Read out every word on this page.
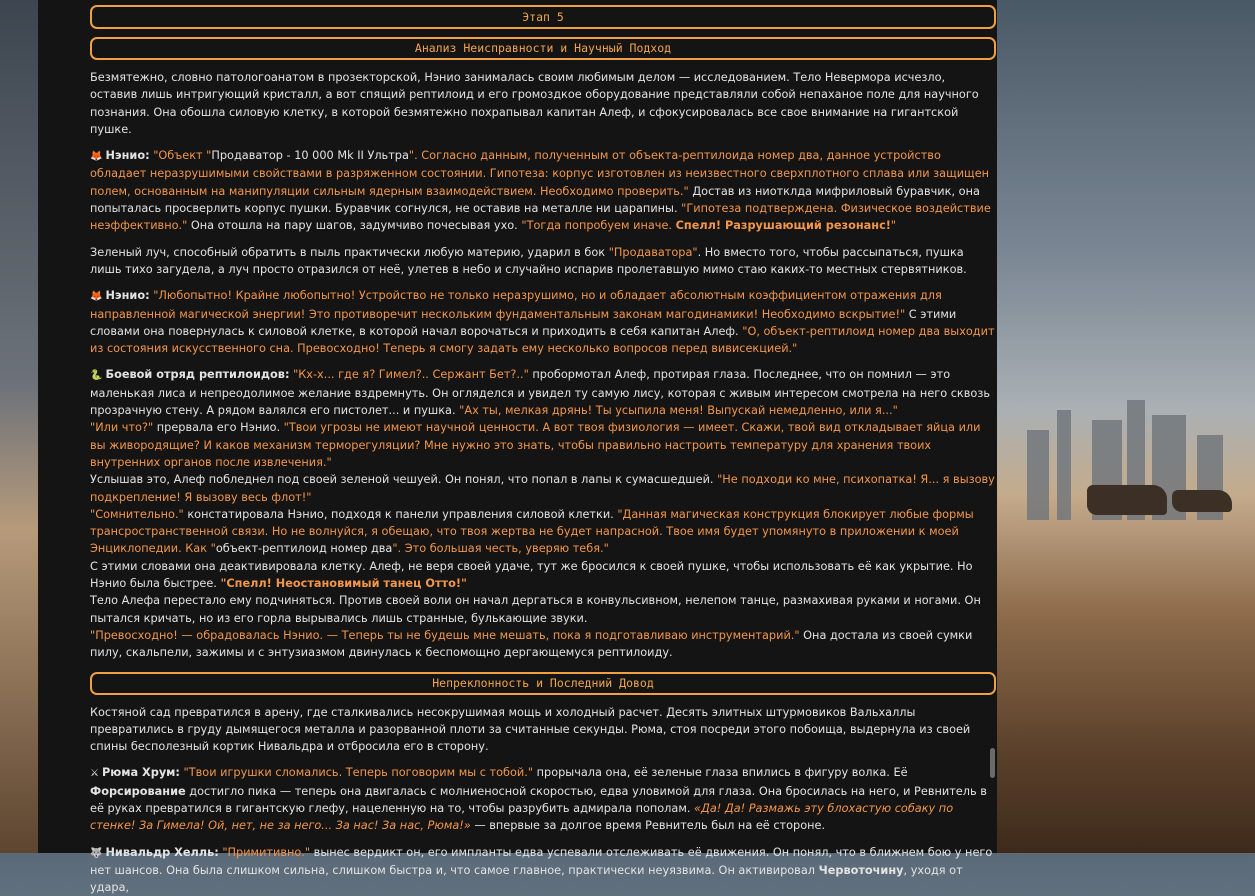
Этап 5
Анализ Неисправности и Научный Подход

Безмятежно, словно патологоанатом в прозекторской, Нэнио занималась своим любимым делом — исследованием. Тело Невермора исчезло, оставив лишь интригующий кристалл, а вот спящий рептилоид и его громоздкое оборудование представляли собой непаханое поле для научного познания. Она обошла силовую клетку, в которой безмятежно похрапывал капитан Алеф, и сфокусировалась все свое внимание на гигантской пушке.

🦊 Нэнио: "Объект "Продаватор - 10 000 Mk II Ультра". Согласно данным, полученным от объекта-рептилоида номер два, данное устройство обладает неразрушимыми свойствами в разряженном состоянии. Гипотеза: корпус изготовлен из неизвестного сверхплотного сплава или защищен полем, основанным на манипуляции сильным ядерным взаимодействием. Необходимо проверить." Достав из ниотклда мифриловый буравчик, она попыталась просверлить корпус пушки. Буравчик согнулся, не оставив на металле ни царапины. "Гипотеза подтверждена. Физическое воздействие неэффективно." Она отошла на пару шагов, задумчиво почесывая ухо. "Тогда попробуем иначе. Спелл! Разрушающий резонанс!"

Зеленый луч, способный обратить в пыль практически любую материю, ударил в бок "Продаватора". Но вместо того, чтобы рассыпаться, пушка лишь тихо загудела, а луч просто отразился от неё, улетев в небо и случайно испарив пролетавшую мимо стаю каких-то местных стервятников.

🦊 Нэнио: "Любопытно! Крайне любопытно! Устройство не только неразрушимо, но и обладает абсолютным коэффициентом отражения для направленной магической энергии! Это противоречит нескольким фундаментальным законам магодинамики! Необходимо вскрытие!" С этими словами она повернулась к силовой клетке, в которой начал ворочаться и приходить в себя капитан Алеф. "О, объект-рептилоид номер два выходит из состояния искусственного сна. Превосходно! Теперь я смогу задать ему несколько вопросов перед вивисекцией."

🐍 Боевой отряд рептилоидов: "Кх-х... где я? Гимел?.. Сержант Бет?.." пробормотал Алеф, протирая глаза. Последнее, что он помнил — это маленькая лиса и непреодолимое желание вздремнуть. Он огляделся и увидел ту самую лису, которая с живым интересом смотрела на него сквозь прозрачную стену. А рядом валялся его пистолет... и пушка. "Ах ты, мелкая дрянь! Ты усыпила меня! Выпускай немедленно, или я..."

"Или что?" прервала его Нэнио. "Твои угрозы не имеют научной ценности. А вот твоя физиология — имеет. Скажи, твой вид откладывает яйца или вы живородящие? И каков механизм терморегуляции? Мне нужно это знать, чтобы правильно настроить температуру для хранения твоих внутренних органов после извлечения."

Услышав это, Алеф побледнел под своей зеленой чешуей. Он понял, что попал в лапы к сумасшедшей. "Не подходи ко мне, психопатка! Я... я вызову подкрепление! Я вызову весь флот!"

"Сомнительно." констатировала Нэнио, подходя к панели управления силовой клетки. "Данная магическая конструкция блокирует любые формы трансространственной связи. Но не волнуйся, я обещаю, что твоя жертва не будет напрасной. Твое имя будет упомянуто в приложении к моей Энциклопедии. Как "объект-рептилоид номер два". Это большая честь, уверяю тебя."

С этими словами она деактивировала клетку. Алеф, не веря своей удаче, тут же бросился к своей пушке, чтобы использовать её как укрытие. Но Нэнио была быстрее. "Спелл! Неостановимый танец Отто!"

Тело Алефа перестало ему подчиняться. Против своей воли он начал дергаться в конвульсивном, нелепом танце, размахивая руками и ногами. Он пытался кричать, но из его горла вырывались лишь странные, булькающие звуки.

"Превосходно! — обрадовалась Нэнио. — Теперь ты не будешь мне мешать, пока я подготавливаю инструментарий." Она достала из своей сумки пилу, скальпели, зажимы и с энтузиазмом двинулась к беспомощно дергающемуся рептилоиду.

Непреклонность и Последний Довод

Костяной сад превратился в арену, где сталкивались несокрушимая мощь и холодный расчет. Десять элитных штурмовиков Вальхаллы превратились в груду дымящегося металла и разорванной плоти за считанные секунды. Рюма, стоя посреди этого побоища, выдернула из своей спины бесполезный кортик Нивальдра и отбросила его в сторону.

⚔ Рюма Хрум: "Твои игрушки сломались. Теперь поговорим мы с тобой." прорычала она, её зеленые глаза впились в фигуру волка. Её Форсирование достигло пика — теперь она двигалась с молниеносной скоростью, едва уловимой для глаза. Она бросилась на него, и Ревнитель в её руках превратился в гигантскую глефу, нацеленную на то, чтобы разрубить адмирала пополам. «Да! Да! Размажь эту блохастую собаку по стенке! За Гимела! Ой, нет, не за него... За нас! За нас, Рюма!» — впервые за долгое время Ревнитель был на её стороне.

🐺 Нивальдр Хелль: "Примитивно." вынес вердикт он, его импланты едва успевали отслеживать её движения. Он понял, что в ближнем бою у него нет шансов. Она была слишком сильна, слишком быстра и, что самое главное, практически неуязвима. Он активировал Червоточину, уходя от удара,
